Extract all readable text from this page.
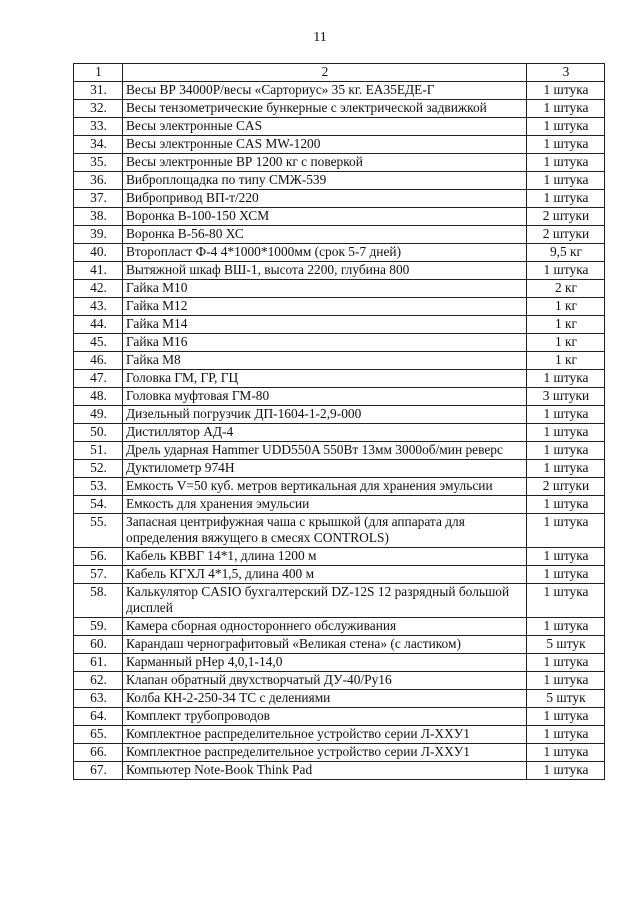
11
1	2	3
31.	Весы ВР 34000Р/весы «Сарториус» 35 кг. ЕА35ЕДЕ-Г	1 штука
32.	Весы тензометрические бункерные с электрической задвижкой	1 штука
33.	Весы электронные CAS	1 штука
34.	Весы электронные CAS MW-1200	1 штука
35.	Весы электронные ВР 1200 кг с поверкой	1 штука
36.	Виброплощадка по типу СМЖ-539	1 штука
37.	Вибропривод ВП-т/220	1 штука
38.	Воронка В-100-150 ХСМ	2 штуки
39.	Воронка В-56-80 ХС	2 штуки
40.	Второпласт Ф-4 4*1000*1000мм (срок 5-7 дней)	9,5 кг
41.	Вытяжной шкаф ВШ-1, высота 2200, глубина 800	1 штука
42.	Гайка М10	2 кг
43.	Гайка М12	1 кг
44.	Гайка М14	1 кг
45.	Гайка М16	1 кг
46.	Гайка М8	1 кг
47.	Головка ГМ, ГР, ГЦ	1 штука
48.	Головка муфтовая ГМ-80	3 штуки
49.	Дизельный погрузчик ДП-1604-1-2,9-000	1 штука
50.	Дистиллятор АД-4	1 штука
51.	Дрель ударная Hammer UDD550A 550Вт 13мм 3000об/мин реверс	1 штука
52.	Дуктилометр 974Н	1 штука
53.	Емкость V=50 куб. метров вертикальная для хранения эмульсии	2 штуки
54.	Емкость для хранения эмульсии	1 штука
55.	Запасная центрифужная чаша с крышкой (для аппарата для определения вяжущего в смесях CONTROLS)	1 штука
56.	Кабель КВВГ 14*1, длина 1200 м	1 штука
57.	Кабель КГХЛ 4*1,5, длина 400 м	1 штука
58.	Калькулятор CASIO бухгалтерский DZ-12S 12 разрядный большой дисплей	1 штука
59.	Камера сборная одностороннего обслуживания	1 штука
60.	Карандаш чернографитовый «Великая стена» (с ластиком)	5 штук
61.	Карманный рНер 4,0,1-14,0	1 штука
62.	Клапан обратный двухстворчатый ДУ-40/Ру16	1 штука
63.	Колба КН-2-250-34 ТС с делениями	5 штук
64.	Комплект трубопроводов	1 штука
65.	Комплектное распределительное устройство серии Л-ХХУ1	1 штука
66.	Комплектное распределительное устройство серии Л-ХХУ1	1 штука
67.	Компьютер Note-Book Think Pad	1 штука
